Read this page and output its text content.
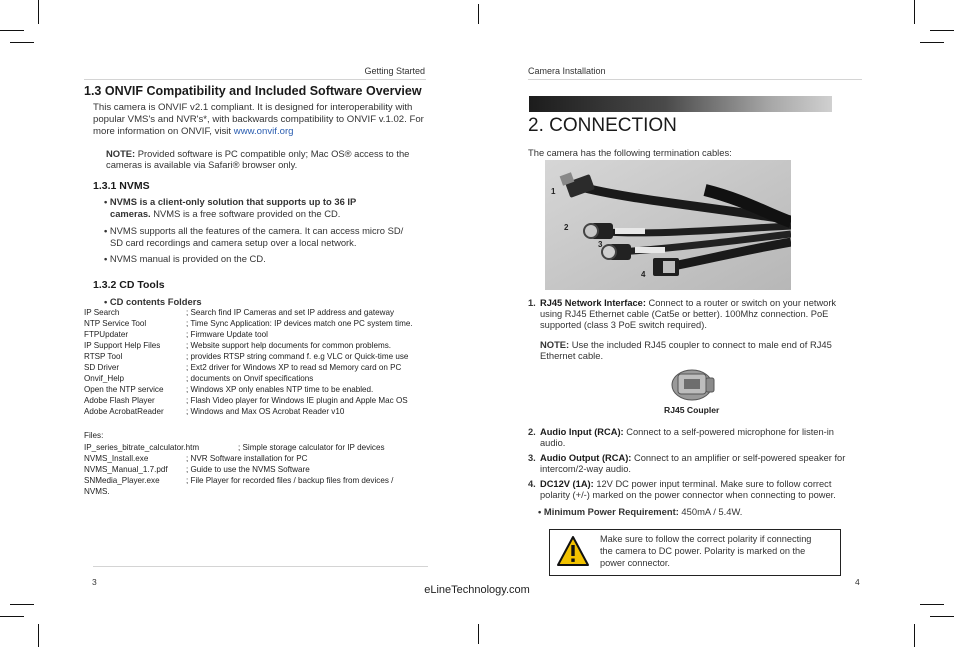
Getting Started
1.3 ONVIF Compatibility and Included Software Overview
This camera is ONVIF v2.1 compliant. It is designed for interoperability with
popular VMS's and NVR's*, with backwards compatibility to ONVIF v.1.02. For
more information on ONVIF, visit www.onvif.org
NOTE: Provided software is PC compatible only; Mac OS® access to the
cameras is available via Safari® browser only.
1.3.1 NVMS
• NVMS is a client-only solution that supports up to 36 IP
cameras. NVMS is a free software provided on the CD.
• NVMS supports all the features of the camera. It can access micro SD/
SD card recordings and camera setup over a local network.
• NVMS manual is provided on the CD.
1.3.2 CD Tools
• CD contents Folders
IP Search	; Search find IP Cameras and set IP address and gateway
NTP Service Tool	; Time Sync Application: IP devices match one PC system time.
FTPUpdater	; Firmware Update tool
IP Support Help Files	; Website support help documents for common problems.
RTSP Tool	; provides RTSP string command f. e.g VLC or Quick-time use
SD Driver	; Ext2 driver for Windows XP to read sd Memory card on PC
Onvif_Help	; documents on Onvif specifications
Open the NTP service	; Windows XP only enables NTP time to be enabled.
Adobe Flash Player	; Flash Video player for Windows IE plugin and Apple Mac OS
Adobe AcrobatReader	; Windows and Max OS Acrobat Reader v10
Files:
IP_series_bitrate_calculator.htm	; Simple storage calculator for IP devices
NVMS_Install.exe	; NVR Software installation for PC
NVMS_Manual_1.7.pdf ; Guide to use the NVMS Software
SNMedia_Player.exe	; File Player for recorded files / backup files from devices /
NVMS.
3
Camera Installation
2. CONNECTION
The camera has the following termination cables:
1
2
3
4
1. RJ45 Network Interface: Connect to a router or switch on your network
using RJ45 Ethernet cable (Cat5e or better). 100Mhz connection. PoE
supported (class 3 PoE switch required).
NOTE: Use the included RJ45 coupler to connect to male end of RJ45
Ethernet cable.
RJ45 Coupler
2. Audio Input (RCA): Connect to a self-powered microphone for listen-in
audio.
3. Audio Output (RCA): Connect to an amplifier or self-powered speaker for
intercom/2-way audio.
4. DC12V (1A): 12V DC power input terminal. Make sure to follow correct
polarity (+/-) marked on the power connector when connecting to power.
• Minimum Power Requirement: 450mA / 5.4W.
Make sure to follow the correct polarity if connecting
the camera to DC power. Polarity is marked on the
power connector.
4
eLineTechnology.com
